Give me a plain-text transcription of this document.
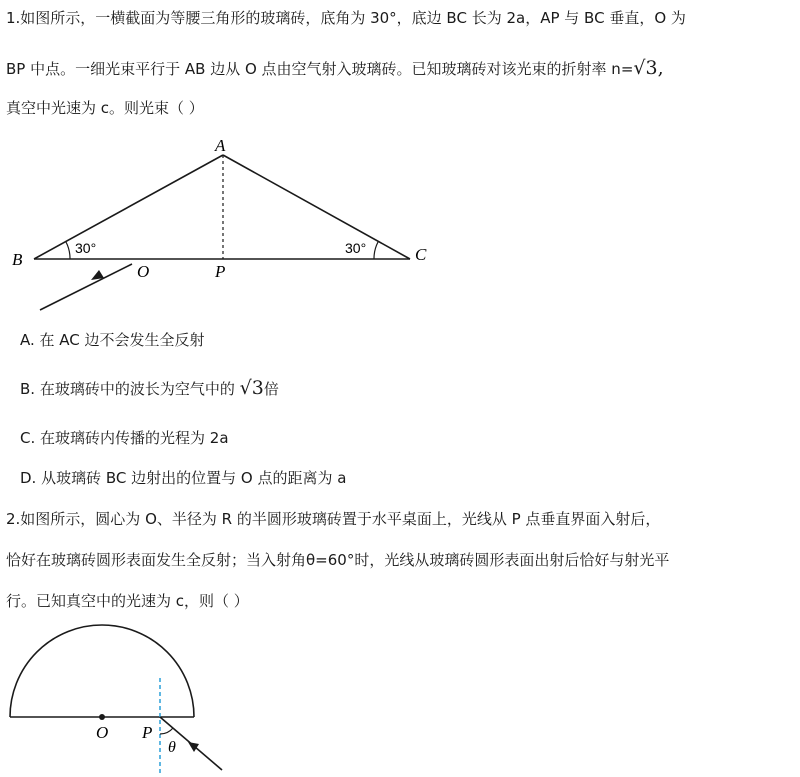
1.如图所示，一横截面为等腰三角形的玻璃砖，底角为 30°，底边 BC 长为 2a，AP 与 BC 垂直，O 为
BP 中点。一细光束平行于 AB 边从 O 点由空气射入玻璃砖。已知玻璃砖对该光束的折射率 n=√3,
真空中光速为 c。则光束（ ）
A
B	C
O	P
30°	30°
A. 在 AC 边不会发生全反射
B. 在玻璃砖中的波长为空气中的 √3倍
C. 在玻璃砖内传播的光程为 2a
D. 从玻璃砖 BC 边射出的位置与 O 点的距离为 a
2.如图所示，圆心为 O、半径为 R 的半圆形玻璃砖置于水平桌面上，光线从 P 点垂直界面入射后，
恰好在玻璃砖圆形表面发生全反射；当入射角θ=60°时，光线从玻璃砖圆形表面出射后恰好与射光平
行。已知真空中的光速为 c，则（ ）
O P
θ
